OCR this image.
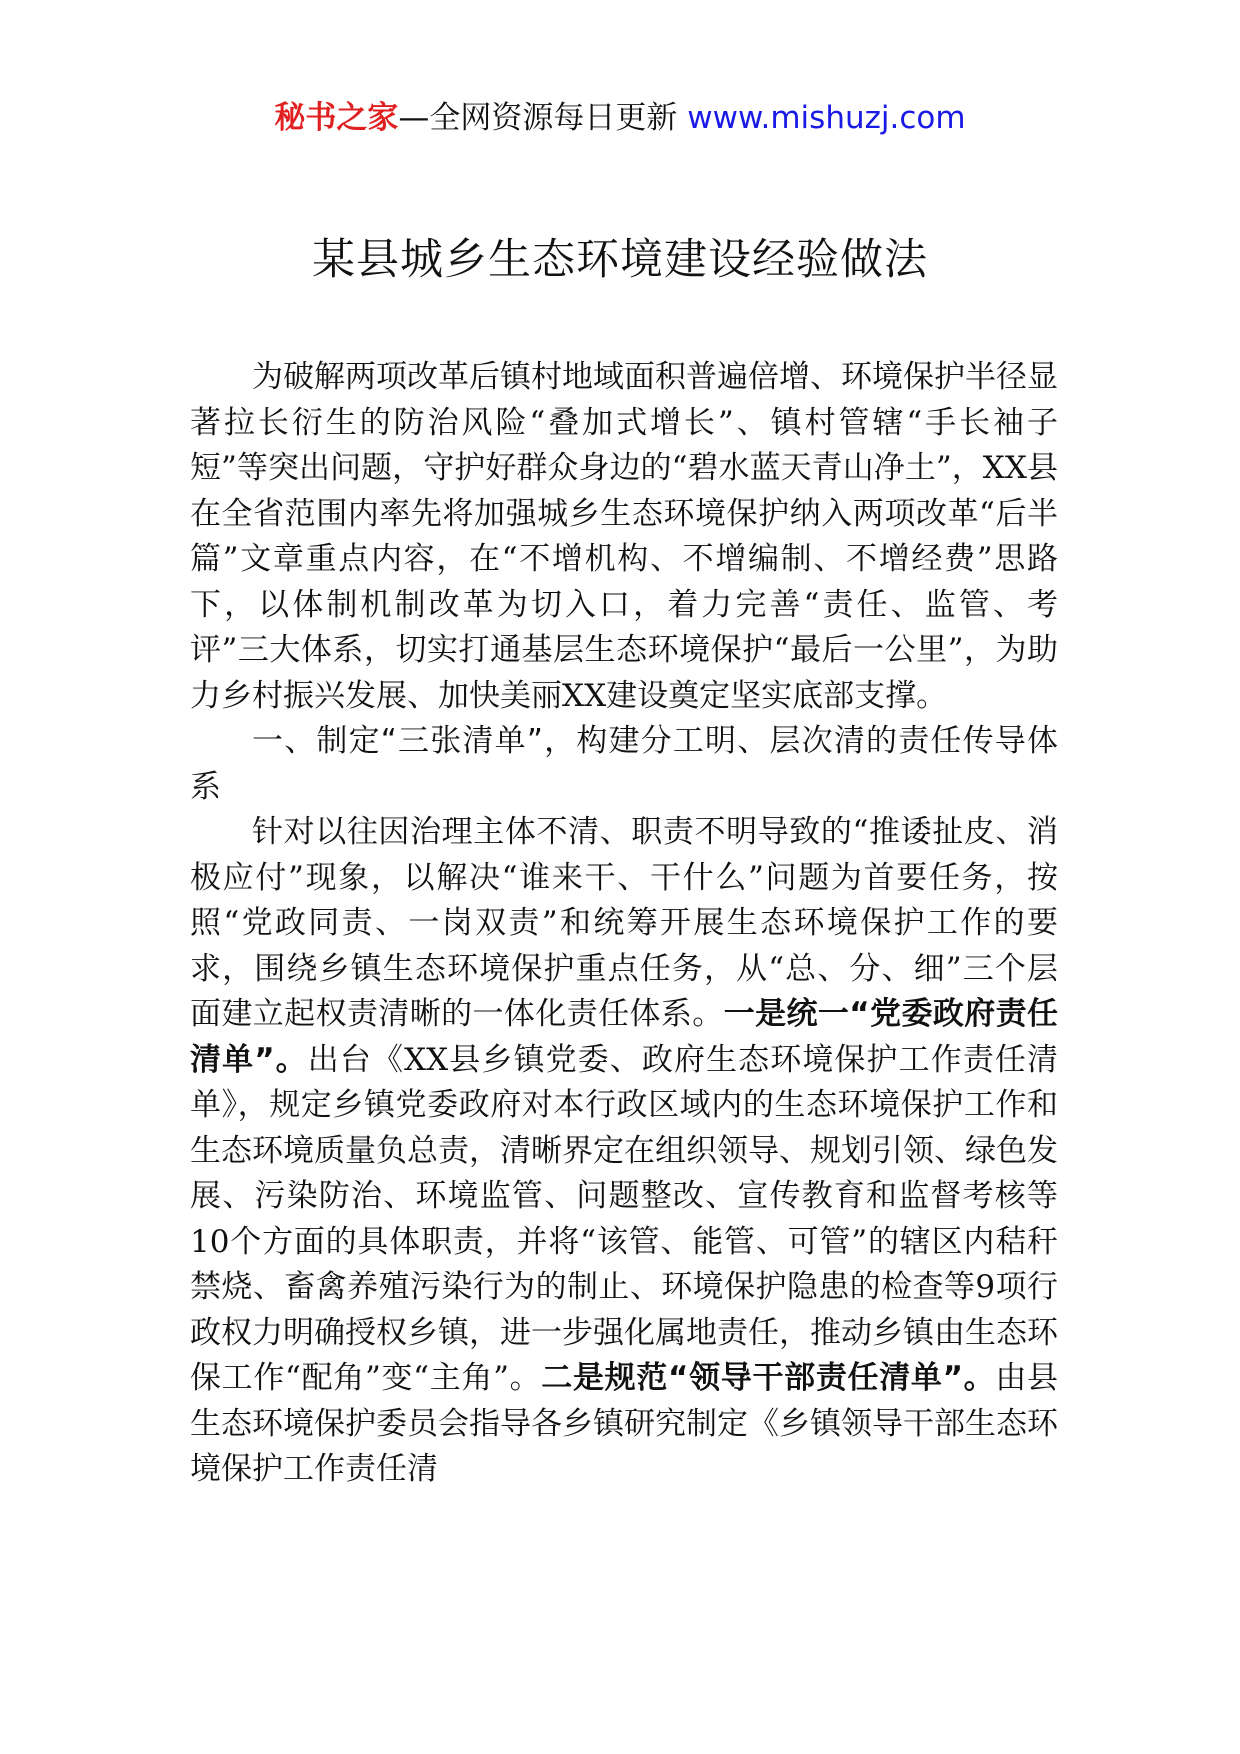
秘书之家—全网资源每日更新 www.mishuzj.com
某县城乡生态环境建设经验做法

为破解两项改革后镇村地域面积普遍倍增、环境保护半径显著拉长衍生的防治风险“叠加式增长”、镇村管辖“手长袖子短”等突出问题，守护好群众身边的“碧水蓝天青山净土”，XX县在全省范围内率先将加强城乡生态环境保护纳入两项改革“后半篇”文章重点内容，在“不增机构、不增编制、不增经费”思路下，以体制机制改革为切入口，着力完善“责任、监管、考评”三大体系，切实打通基层生态环境保护“最后一公里”，为助力乡村振兴发展、加快美丽XX建设奠定坚实底部支撑。

一、制定“三张清单”，构建分工明、层次清的责任传导体系

针对以往因治理主体不清、职责不明导致的“推诿扯皮、消极应付”现象，以解决“谁来干、干什么”问题为首要任务，按照“党政同责、一岗双责”和统筹开展生态环境保护工作的要求，围绕乡镇生态环境保护重点任务，从“总、分、细”三个层面建立起权责清晰的一体化责任体系。一是统一“党委政府责任清单”。出台《XX县乡镇党委、政府生态环境保护工作责任清单》，规定乡镇党委政府对本行政区域内的生态环境保护工作和生态环境质量负总责，清晰界定在组织领导、规划引领、绿色发展、污染防治、环境监管、问题整改、宣传教育和监督考核等10个方面的具体职责，并将“该管、能管、可管”的辖区内秸秆禁烧、畜禽养殖污染行为的制止、环境保护隐患的检查等9项行政权力明确授权乡镇，进一步强化属地责任，推动乡镇由生态环保工作“配角”变“主角”。二是规范“领导干部责任清单”。由县生态环境保护委员会指导各乡镇研究制定《乡镇领导干部生态环境保护工作责任清
